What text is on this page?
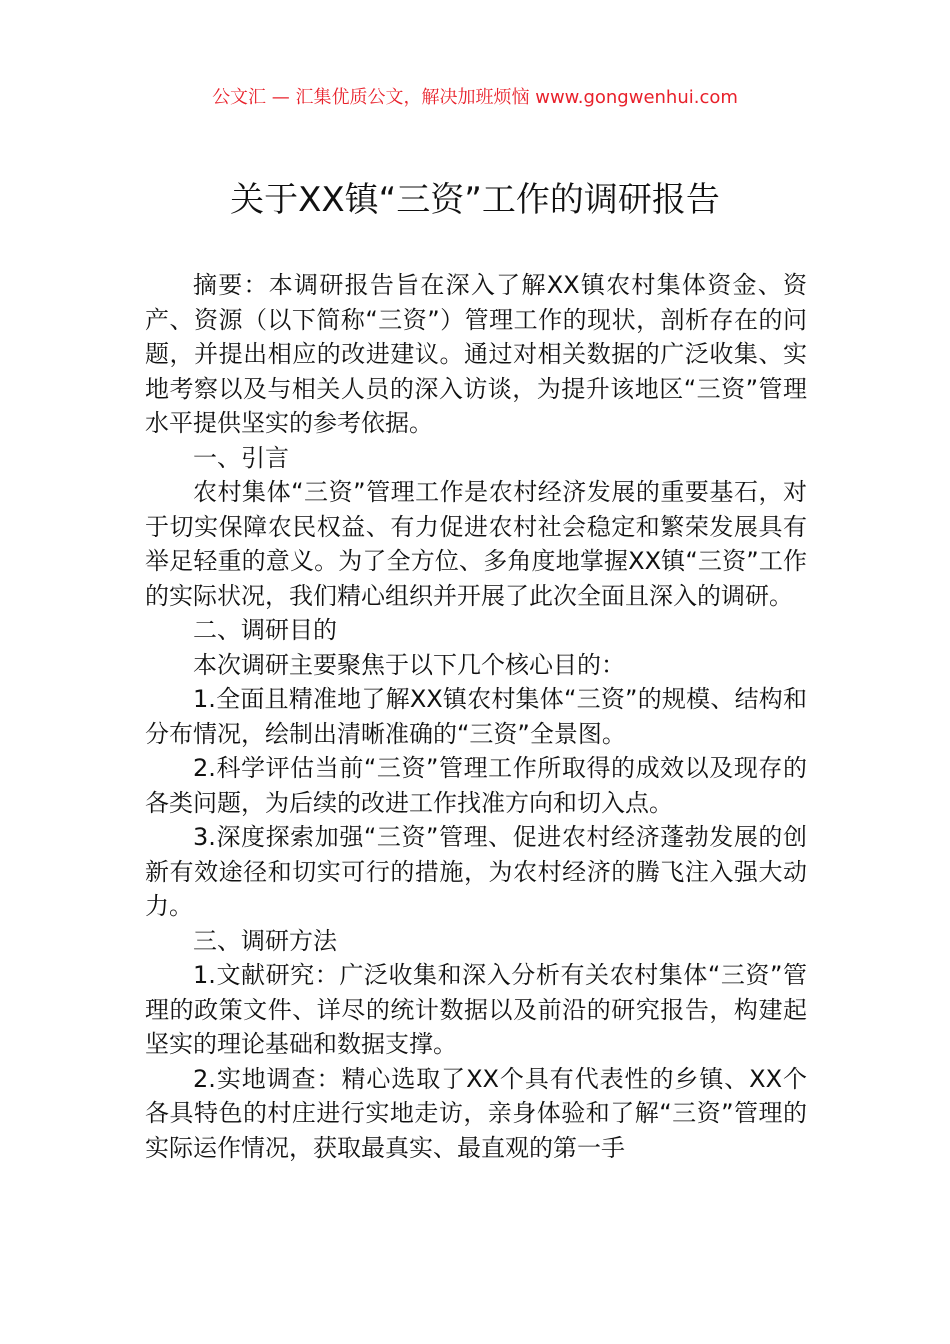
公文汇 — 汇集优质公文，解决加班烦恼 www.gongwenhui.com
关于XX镇“三资”工作的调研报告

摘要：本调研报告旨在深入了解XX镇农村集体资金、资产、资源（以下简称“三资”）管理工作的现状，剖析存在的问题，并提出相应的改进建议。通过对相关数据的广泛收集、实地考察以及与相关人员的深入访谈，为提升该地区“三资”管理水平提供坚实的参考依据。

一、引言

农村集体“三资”管理工作是农村经济发展的重要基石，对于切实保障农民权益、有力促进农村社会稳定和繁荣发展具有举足轻重的意义。为了全方位、多角度地掌握XX镇“三资”工作的实际状况，我们精心组织并开展了此次全面且深入的调研。

二、调研目的

本次调研主要聚焦于以下几个核心目的：

1.全面且精准地了解XX镇农村集体“三资”的规模、结构和分布情况，绘制出清晰准确的“三资”全景图。

2.科学评估当前“三资”管理工作所取得的成效以及现存的各类问题，为后续的改进工作找准方向和切入点。

3.深度探索加强“三资”管理、促进农村经济蓬勃发展的创新有效途径和切实可行的措施，为农村经济的腾飞注入强大动力。

三、调研方法

1.文献研究：广泛收集和深入分析有关农村集体“三资”管理的政策文件、详尽的统计数据以及前沿的研究报告，构建起坚实的理论基础和数据支撑。

2.实地调查：精心选取了XX个具有代表性的乡镇、XX个各具特色的村庄进行实地走访，亲身体验和了解“三资”管理的实际运作情况，获取最真实、最直观的第一手
